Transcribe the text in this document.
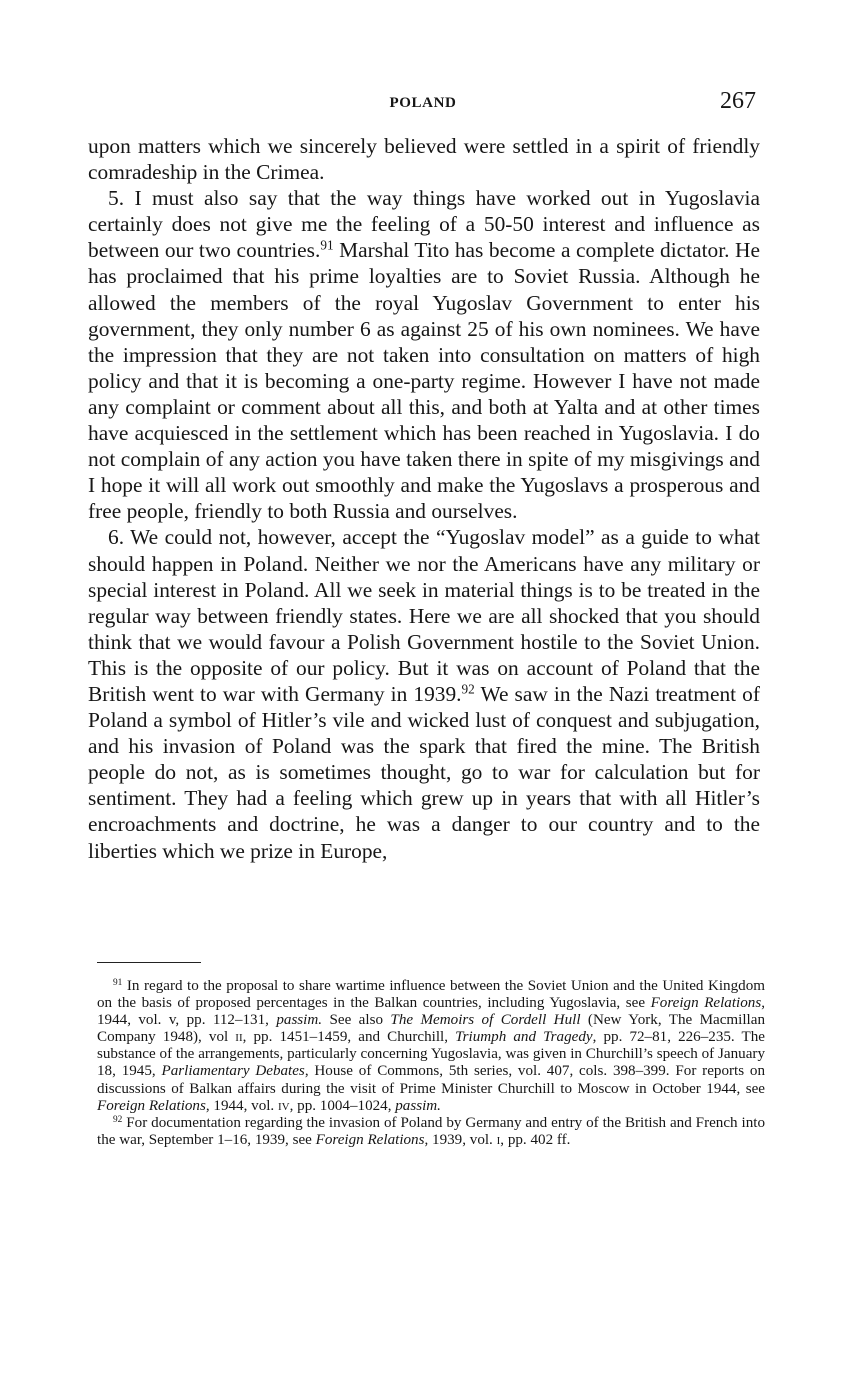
POLAND	267

upon matters which we sincerely believed were settled in a spirit of friendly comradeship in the Crimea.

5. I must also say that the way things have worked out in Yugoslavia certainly does not give me the feeling of a 50-50 interest and influence as between our two countries.$^{91}$ Marshal Tito has become a complete dictator. He has proclaimed that his prime loyalties are to Soviet Russia. Although he allowed the members of the royal Yugoslav Government to enter his government, they only number 6 as against 25 of his own nominees. We have the impression that they are not taken into consultation on matters of high policy and that it is becoming a one-party regime. However I have not made any complaint or comment about all this, and both at Yalta and at other times have acquiesced in the settlement which has been reached in Yugoslavia. I do not complain of any action you have taken there in spite of my misgivings and I hope it will all work out smoothly and make the Yugoslavs a prosperous and free people, friendly to both Russia and ourselves.

6. We could not, however, accept the “Yugoslav model” as a guide to what should happen in Poland. Neither we nor the Americans have any military or special interest in Poland. All we seek in material things is to be treated in the regular way between friendly states. Here we are all shocked that you should think that we would favour a Polish Government hostile to the Soviet Union. This is the opposite of our policy. But it was on account of Poland that the British went to war with Germany in 1939.92 We saw in the Nazi treatment of Poland a symbol of Hitler’s vile and wicked lust of conquest and subjugation, and his invasion of Poland was the spark that fired the mine. The British people do not, as is sometimes thought, go to war for calculation but for sentiment. They had a feeling which grew up in years that with all Hitler’s encroachments and doctrine, he was a danger to our country and to the liberties which we prize in Europe,

$^{91}$ In regard to the proposal to share wartime influence between the Soviet Union and the United Kingdom on the basis of proposed percentages in the Balkan countries, including Yugoslavia, see Foreign Relations, 1944, vol. v, pp. 112–131, passim. See also The Memoirs of Cordell Hull (New York, The Macmillan Company 1948), vol ii, pp. 1451–1459, and Churchill, Triumph and Tragedy, pp. 72–81, 226–235. The substance of the arrangements, particularly concerning Yugoslavia, was given in Churchill’s speech of January 18, 1945, Parliamentary Debates, House of Commons, 5th series, vol. 407, cols. 398–399. For reports on discussions of Balkan affairs during the visit of Prime Minister Churchill to Moscow in October 1944, see Foreign Relations, 1944, vol. iv, pp. 1004–1024, passim.

$^{92}$ For documentation regarding the invasion of Poland by Germany and entry of the British and French into the war, September 1–16, 1939, see Foreign Relations, 1939, vol. i, pp. 402 ff.
